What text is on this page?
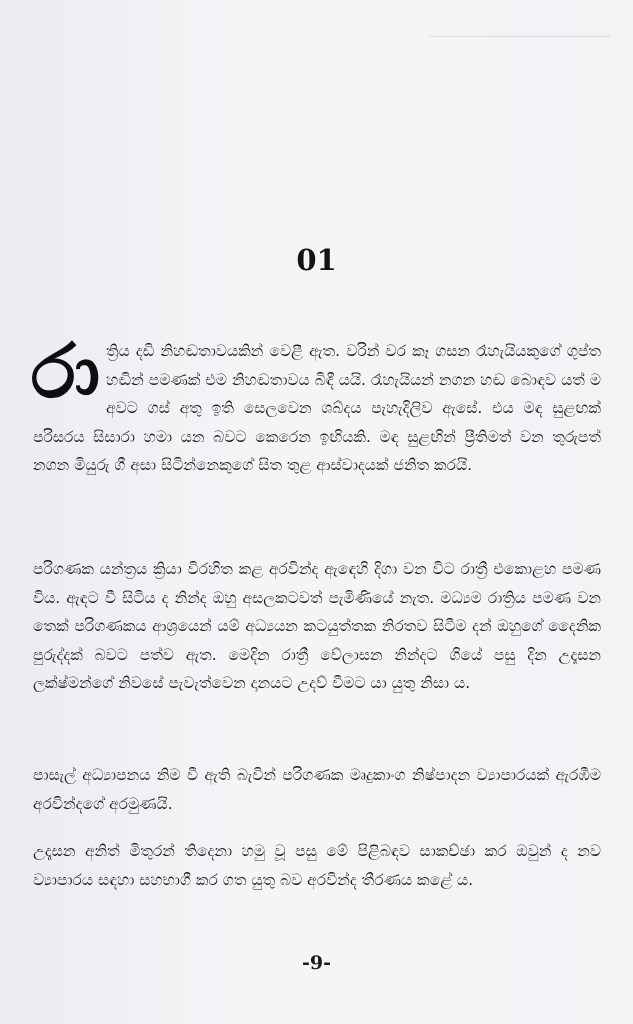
01
රා ත්‍රිය දඩි නිහඬතාවයකින් වෙළී ඇත. වරින් වර කෑ ගසන රෑහැයියකුගේ ගුප්ත හඬින් පමණක් එම නිහඬතාවය බිඳී යයි. රෑහැයියන් නගන හඬ බොඳව යත් ම අවට ගස් අතු ඉති සෙලවෙන ශබ්දය පැහැදිලිව ඇසේ. එය මඳ සුළඟක් පරිසරය සිසාරා හමා යන බවට කෙරෙන ඉඟියකි. මඳ සුළඟින් ප්‍රීතිමත් වන තුරුපත් නගන මියුරු ගී අසා සිටින්නෙකුගේ සිත තුළ ආස්වාදයක් ජනිත කරයි.
පරිගණක යන්ත්‍රය ක්‍රියා විරහිත කළ අරවින්ද ඇඳෙහි දිගා වන විට රාත්‍රී එකොළහ පමණ විය. ඇඳට වී සිටිය ද නින්ද ඔහු අසලකටවත් පැමිණියේ නැත. මධ්‍යම රාත්‍රිය පමණ වන තෙක් පරිගණකය ආශ්‍රයෙන් යම් අධ්‍යයන කටයුත්තක නිරතව සිටීම දන් ඔහුගේ දෛනික පුරුද්දක් බවට පත්ව ඇත. මෙදින රාත්‍රී වේලාසන නින්දට ගියේ පසු දින උදෑසන ලක්ෂ්මන්ගේ නිවසේ පැවැත්වෙන දානයට උදව් වීමට යා යුතු නිසා ය.
පාසැල් අධ්‍යාපනය නිම වී ඇති බැවින් පරිගණක මෘදුකාංග නිෂ්පාදන ව්‍යාපාරයක් ඇරඹීම අරවින්දගේ අරමුණයි.
උදෑසන අනිත් මිතුරන් තිදෙනා හමු වූ පසු මේ පිළිබඳව සාකච්ඡා කර ඔවුන් ද නව ව්‍යාපාරය සඳහා සහභාගී කර ගත යුතු බව අරවින්ද තීරණය කළේ ය.
-9-
